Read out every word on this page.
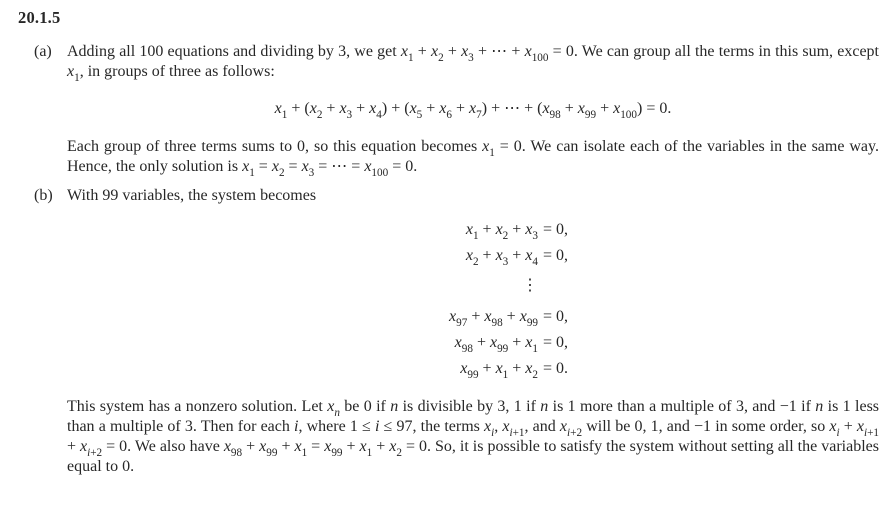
20.1.5
(a) Adding all 100 equations and dividing by 3, we get $x_1 + x_2 + x_3$ + ⋯ + $x_{100} = 0$. We can group all the terms in this sum, except $x_1$, in groups of three as follows:

$x_1 + (x_2 + x_3 + x_4) + (x_5 + x_6 + x_7)$ + ⋯ + $(x_{98} + x_{99} + x_{100}) = 0$.

Each group of three terms sums to 0, so this equation becomes $x_1 = 0$. We can isolate each of the variables in the same way. Hence, the only solution is $x_1 = x_2 = x_3$ = ⋯ = $x_{100} = 0$.

(b) With 99 variables, the system becomes

$x_1 + x_2 + x_3 = 0$,
$x_2 + x_3 + x_4 = 0$,
⋮
$x_{97} + x_{98} + x_{99} = 0$,
$x_{98} + x_{99} + x_1 = 0$,
$x_{99} + x_1 + x_2 = 0$.

This system has a nonzero solution. Let $x_n$ be 0 if n is divisible by 3, 1 if n is 1 more than a multiple of 3, and −1 if n is 1 less than a multiple of 3. Then for each i, where 1 ≤ i ≤ 97, the terms $x_i$, $x_{i+1}$, and $x_{i+2}$ will be 0, 1, and −1 in some order, so $x_i + x_{i+1} + x_{i+2} = 0$. We also have $x_{98} + x_{99} + x_1 = x_{99} + x_1 + x_2 = 0$. So, it is possible to satisfy the system without setting all the variables equal to 0.
